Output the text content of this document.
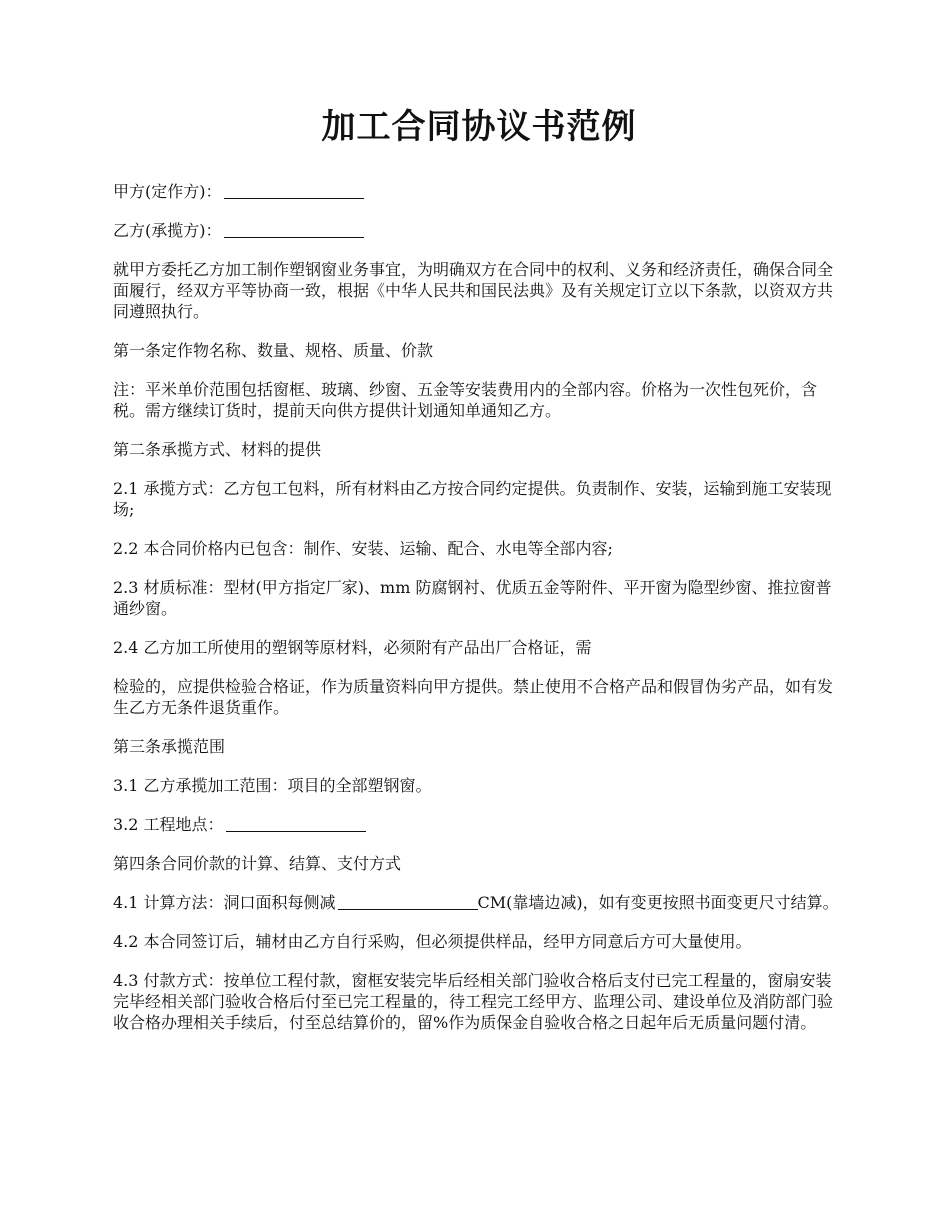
加工合同协议书范例

甲方(定作方)：

乙方(承揽方)：

就甲方委托乙方加工制作塑钢窗业务事宜，为明确双方在合同中的权利、义务和经济责任，确保合同全面履行，经双方平等协商一致，根据《中华人民共和国民法典》及有关规定订立以下条款，以资双方共同遵照执行。

第一条定作物名称、数量、规格、质量、价款

注：平米单价范围包括窗框、玻璃、纱窗、五金等安装费用内的全部内容。价格为一次性包死价，含税。需方继续订货时，提前天向供方提供计划通知单通知乙方。

第二条承揽方式、材料的提供

2.1 承揽方式：乙方包工包料，所有材料由乙方按合同约定提供。负责制作、安装，运输到施工安装现场;

2.2 本合同价格内已包含：制作、安装、运输、配合、水电等全部内容;

2.3 材质标准：型材(甲方指定厂家)、mm 防腐钢衬、优质五金等附件、平开窗为隐型纱窗、推拉窗普通纱窗。

2.4 乙方加工所使用的塑钢等原材料，必须附有产品出厂合格证，需

检验的，应提供检验合格证，作为质量资料向甲方提供。禁止使用不合格产品和假冒伪劣产品，如有发生乙方无条件退货重作。

第三条承揽范围

3.1 乙方承揽加工范围：项目的全部塑钢窗。

3.2 工程地点：

第四条合同价款的计算、结算、支付方式

4.1 计算方法：洞口面积每侧减	CM(靠墙边减)，如有变更按照书面变更尺寸结算。

4.2 本合同签订后，辅材由乙方自行采购，但必须提供样品，经甲方同意后方可大量使用。

4.3 付款方式：按单位工程付款，窗框安装完毕后经相关部门验收合格后支付已完工程量的，窗扇安装完毕经相关部门验收合格后付至已完工程量的，待工程完工经甲方、监理公司、建设单位及消防部门验收合格办理相关手续后，付至总结算价的，留%作为质保金自验收合格之日起年后无质量问题付清。
